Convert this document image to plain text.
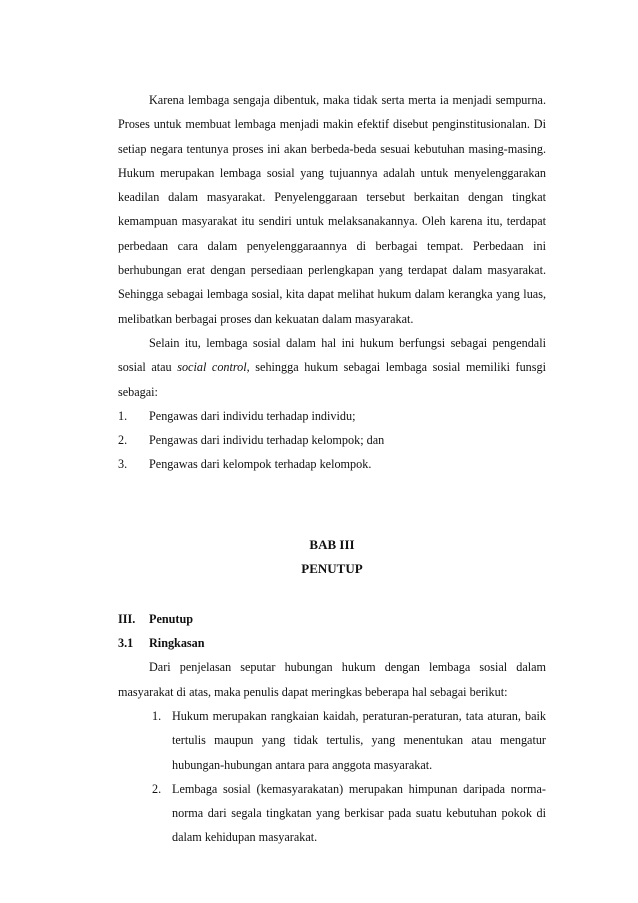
Karena lembaga sengaja dibentuk, maka tidak serta merta ia menjadi sempurna. Proses untuk membuat lembaga menjadi makin efektif disebut penginstitusionalan. Di setiap negara tentunya proses ini akan berbeda-beda sesuai kebutuhan masing-masing. Hukum merupakan lembaga sosial yang tujuannya adalah untuk menyelenggarakan keadilan dalam masyarakat. Penyelenggaraan tersebut berkaitan dengan tingkat kemampuan masyarakat itu sendiri untuk melaksanakannya. Oleh karena itu, terdapat perbedaan cara dalam penyelenggaraannya di berbagai tempat. Perbedaan ini berhubungan erat dengan persediaan perlengkapan yang terdapat dalam masyarakat. Sehingga sebagai lembaga sosial, kita dapat melihat hukum dalam kerangka yang luas, melibatkan berbagai proses dan kekuatan dalam masyarakat.

Selain itu, lembaga sosial dalam hal ini hukum berfungsi sebagai pengendali sosial atau social control, sehingga hukum sebagai lembaga sosial memiliki funsgi sebagai:

1. Pengawas dari individu terhadap individu;
2. Pengawas dari individu terhadap kelompok; dan
3. Pengawas dari kelompok terhadap kelompok.

BAB III

PENUTUP

III. Penutup

3.1 Ringkasan

Dari penjelasan seputar hubungan hukum dengan lembaga sosial dalam masyarakat di atas, maka penulis dapat meringkas beberapa hal sebagai berikut:

1. Hukum merupakan rangkaian kaidah, peraturan-peraturan, tata aturan, baik tertulis maupun yang tidak tertulis, yang menentukan atau mengatur hubungan-hubungan antara para anggota masyarakat.
2. Lembaga sosial (kemasyarakatan) merupakan himpunan daripada norma-norma dari segala tingkatan yang berkisar pada suatu kebutuhan pokok di dalam kehidupan masyarakat.
